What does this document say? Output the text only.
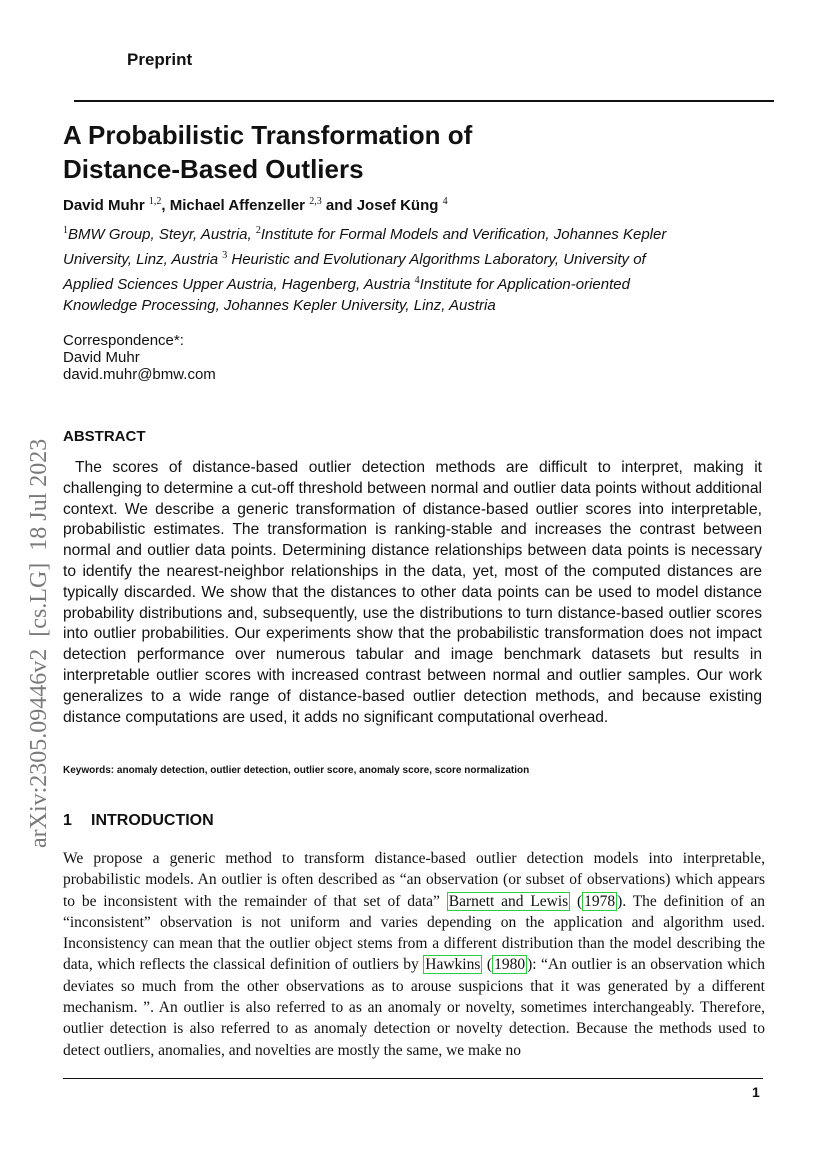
Preprint
A Probabilistic Transformation of
Distance-Based Outliers
David Muhr $^{1,2}$, Michael Affenzeller $^{2,3}$ and Josef Küng $^4$
$^1$BMW Group, Steyr, Austria, $^2$Institute for Formal Models and Verification, Johannes Kepler University, Linz, Austria $^3$ Heuristic and Evolutionary Algorithms Laboratory, University of Applied Sciences Upper Austria, Hagenberg, Austria $^4$Institute for Application-oriented Knowledge Processing, Johannes Kepler University, Linz, Austria
Correspondence*:
David Muhr
david.muhr@bmw.com
arXiv:2305.09446v2  [cs.LG]  18 Jul 2023
ABSTRACT

The scores of distance-based outlier detection methods are difficult to interpret, making it challenging to determine a cut-off threshold between normal and outlier data points without additional context. We describe a generic transformation of distance-based outlier scores into interpretable, probabilistic estimates. The transformation is ranking-stable and increases the contrast between normal and outlier data points. Determining distance relationships between data points is necessary to identify the nearest-neighbor relationships in the data, yet, most of the computed distances are typically discarded. We show that the distances to other data points can be used to model distance probability distributions and, subsequently, use the distributions to turn distance-based outlier scores into outlier probabilities. Our experiments show that the probabilistic transformation does not impact detection performance over numerous tabular and image benchmark datasets but results in interpretable outlier scores with increased contrast between normal and outlier samples. Our work generalizes to a wide range of distance-based outlier detection methods, and because existing distance computations are used, it adds no significant computational overhead.

Keywords: anomaly detection, outlier detection, outlier score, anomaly score, score normalization
1 INTRODUCTION

We propose a generic method to transform distance-based outlier detection models into interpretable, probabilistic models. An outlier is often described as “an observation (or subset of observations) which appears to be inconsistent with the remainder of that set of data” Barnett and Lewis ( 1978 ). The definition of an “inconsistent” observation is not uniform and varies depending on the application and algorithm used. Inconsistency can mean that the outlier object stems from a different distribution than the model describing the data, which reflects the classical definition of outliers by Hawkins ( 1980 ): “An outlier is an observation which deviates so much from the other observations as to arouse suspicions that it was generated by a different mechanism. ”. An outlier is also referred to as an anomaly or novelty, sometimes interchangeably. Therefore, outlier detection is also referred to as anomaly detection or novelty detection. Because the methods used to detect outliers, anomalies, and novelties are mostly the same, we make no

1
